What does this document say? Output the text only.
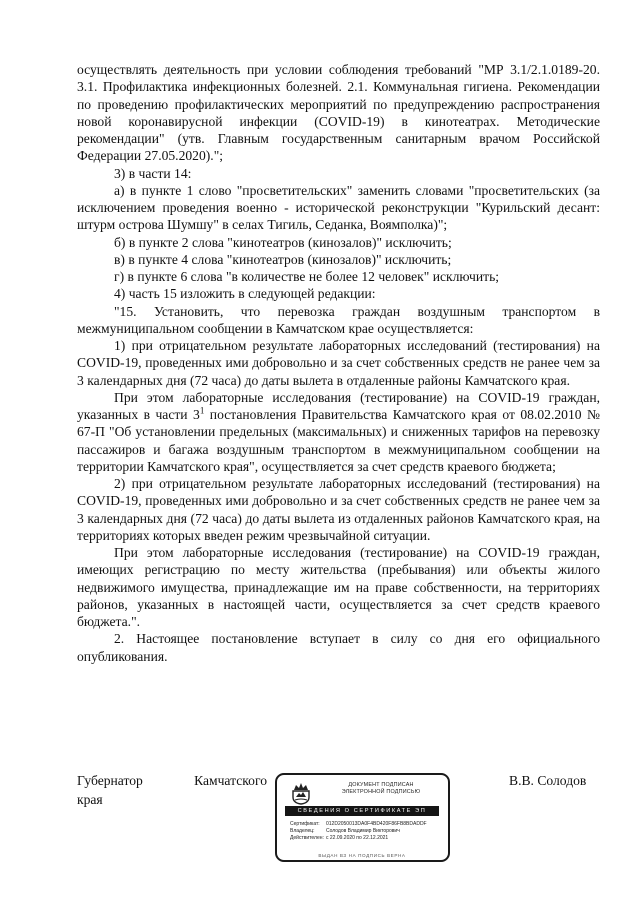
осуществлять деятельность при условии соблюдения требований "МР 3.1/2.1.0189-20. 3.1. Профилактика инфекционных болезней. 2.1. Коммунальная гигиена. Рекомендации по проведению профилактических мероприятий по предупреждению распространения новой коронавирусной инфекции (COVID-19) в кинотеатрах. Методические рекомендации" (утв. Главным государственным санитарным врачом Российской Федерации 27.05.2020).";

3) в части 14:

а) в пункте 1 слово "просветительских" заменить словами "просветительских (за исключением проведения военно - исторической реконструкции "Курильский десант: штурм острова Шумшу" в селах Тигиль, Седанка, Воямполка)";

б) в пункте 2 слова "кинотеатров (кинозалов)" исключить;

в) в пункте 4 слова "кинотеатров (кинозалов)" исключить;

г) в пункте 6 слова "в количестве не более 12 человек" исключить;

4) часть 15 изложить в следующей редакции:

"15. Установить, что перевозка граждан воздушным транспортом в межмуниципальном сообщении в Камчатском крае осуществляется:

1) при отрицательном результате лабораторных исследований (тестирования) на COVID-19, проведенных ими добровольно и за счет собственных средств не ранее чем за 3 календарных дня (72 часа) до даты вылета в отдаленные районы Камчатского края.

При этом лабораторные исследования (тестирование) на COVID-19 граждан, указанных в части $3^1$ постановления Правительства Камчатского края от 08.02.2010 № 67-П "Об установлении предельных (максимальных) и сниженных тарифов на перевозку пассажиров и багажа воздушным транспортом в межмуниципальном сообщении на территории Камчатского края", осуществляется за счет средств краевого бюджета;

2) при отрицательном результате лабораторных исследований (тестирования) на COVID-19, проведенных ими добровольно и за счет собственных средств не ранее чем за 3 календарных дня (72 часа) до даты вылета из отдаленных районов Камчатского края, на территориях которых введен режим чрезвычайной ситуации.

При этом лабораторные исследования (тестирование) на COVID-19 граждан, имеющих регистрацию по месту жительства (пребывания) или объекты жилого недвижимого имущества, принадлежащие им на праве собственности, на территориях районов, указанных в настоящей части, осуществляется за счет средств краевого бюджета.".

2. Настоящее постановление вступает в силу со дня его официального опубликования.

Губернатор	Камчатского
края
ДОКУМЕНТ ПОДПИСАН
ЭЛЕКТРОННОЙ ПОДПИСЬЮ
СВЕДЕНИЯ О СЕРТИФИКАТЕ ЭП
Сертификат:	012D2050013DA0F4BD420F86FB8BDADDF
Владелец:	Солодов Владимир Викторович
Действителен: с 22.09.2020 по 22.12.2021
ВЫДАН ВЗ НА ПОДПИСЬ ВЕРНА
В.В. Солодов
